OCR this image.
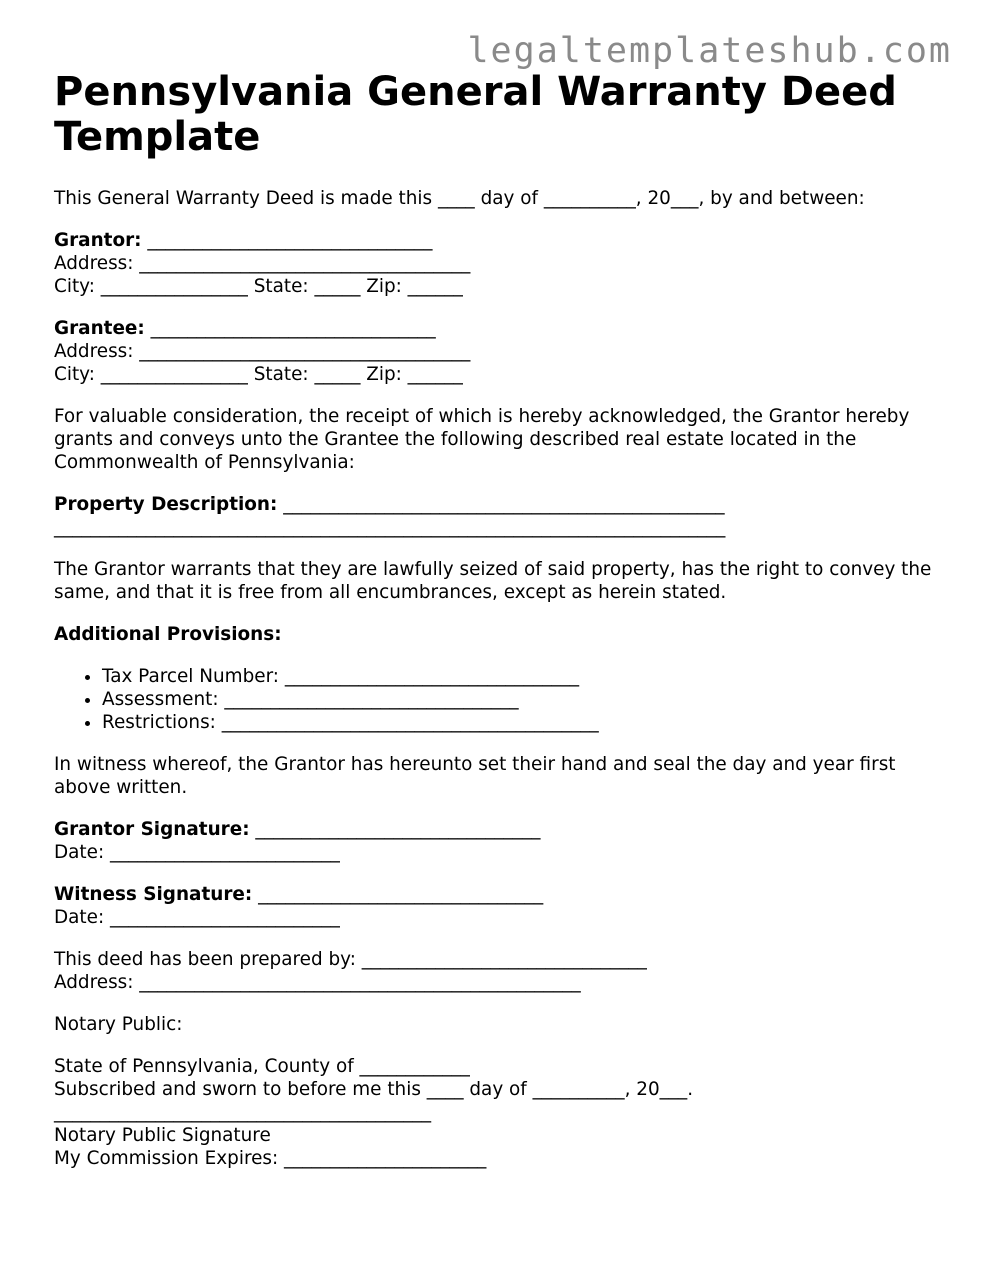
legaltemplateshub.com
Pennsylvania General Warranty Deed Template

This General Warranty Deed is made this ____ day of __________, 20___, by and between:

Grantor: _______________________________

Address: ____________________________________

City: ________________ State: _____ Zip: ______

Grantee: _______________________________

Address: ____________________________________

City: ________________ State: _____ Zip: ______

For valuable consideration, the receipt of which is hereby acknowledged, the Grantor hereby grants and conveys unto the Grantee the following described real estate located in the Commonwealth of Pennsylvania:

Property Description: ________________________________________________

_________________________________________________________________________

The Grantor warrants that they are lawfully seized of said property, has the right to convey the same, and that it is free from all encumbrances, except as herein stated.

Additional Provisions:

• Tax Parcel Number: ________________________________
• Assessment: ________________________________
• Restrictions: _________________________________________

In witness whereof, the Grantor has hereunto set their hand and seal the day and year first above written.

Grantor Signature: _______________________________

Date: _________________________

Witness Signature: _______________________________

Date: _________________________

This deed has been prepared by: _______________________________

Address: ________________________________________________

Notary Public:

State of Pennsylvania, County of ____________

Subscribed and sworn to before me this ____ day of __________, 20___.

_________________________________________

Notary Public Signature

My Commission Expires: ______________________
